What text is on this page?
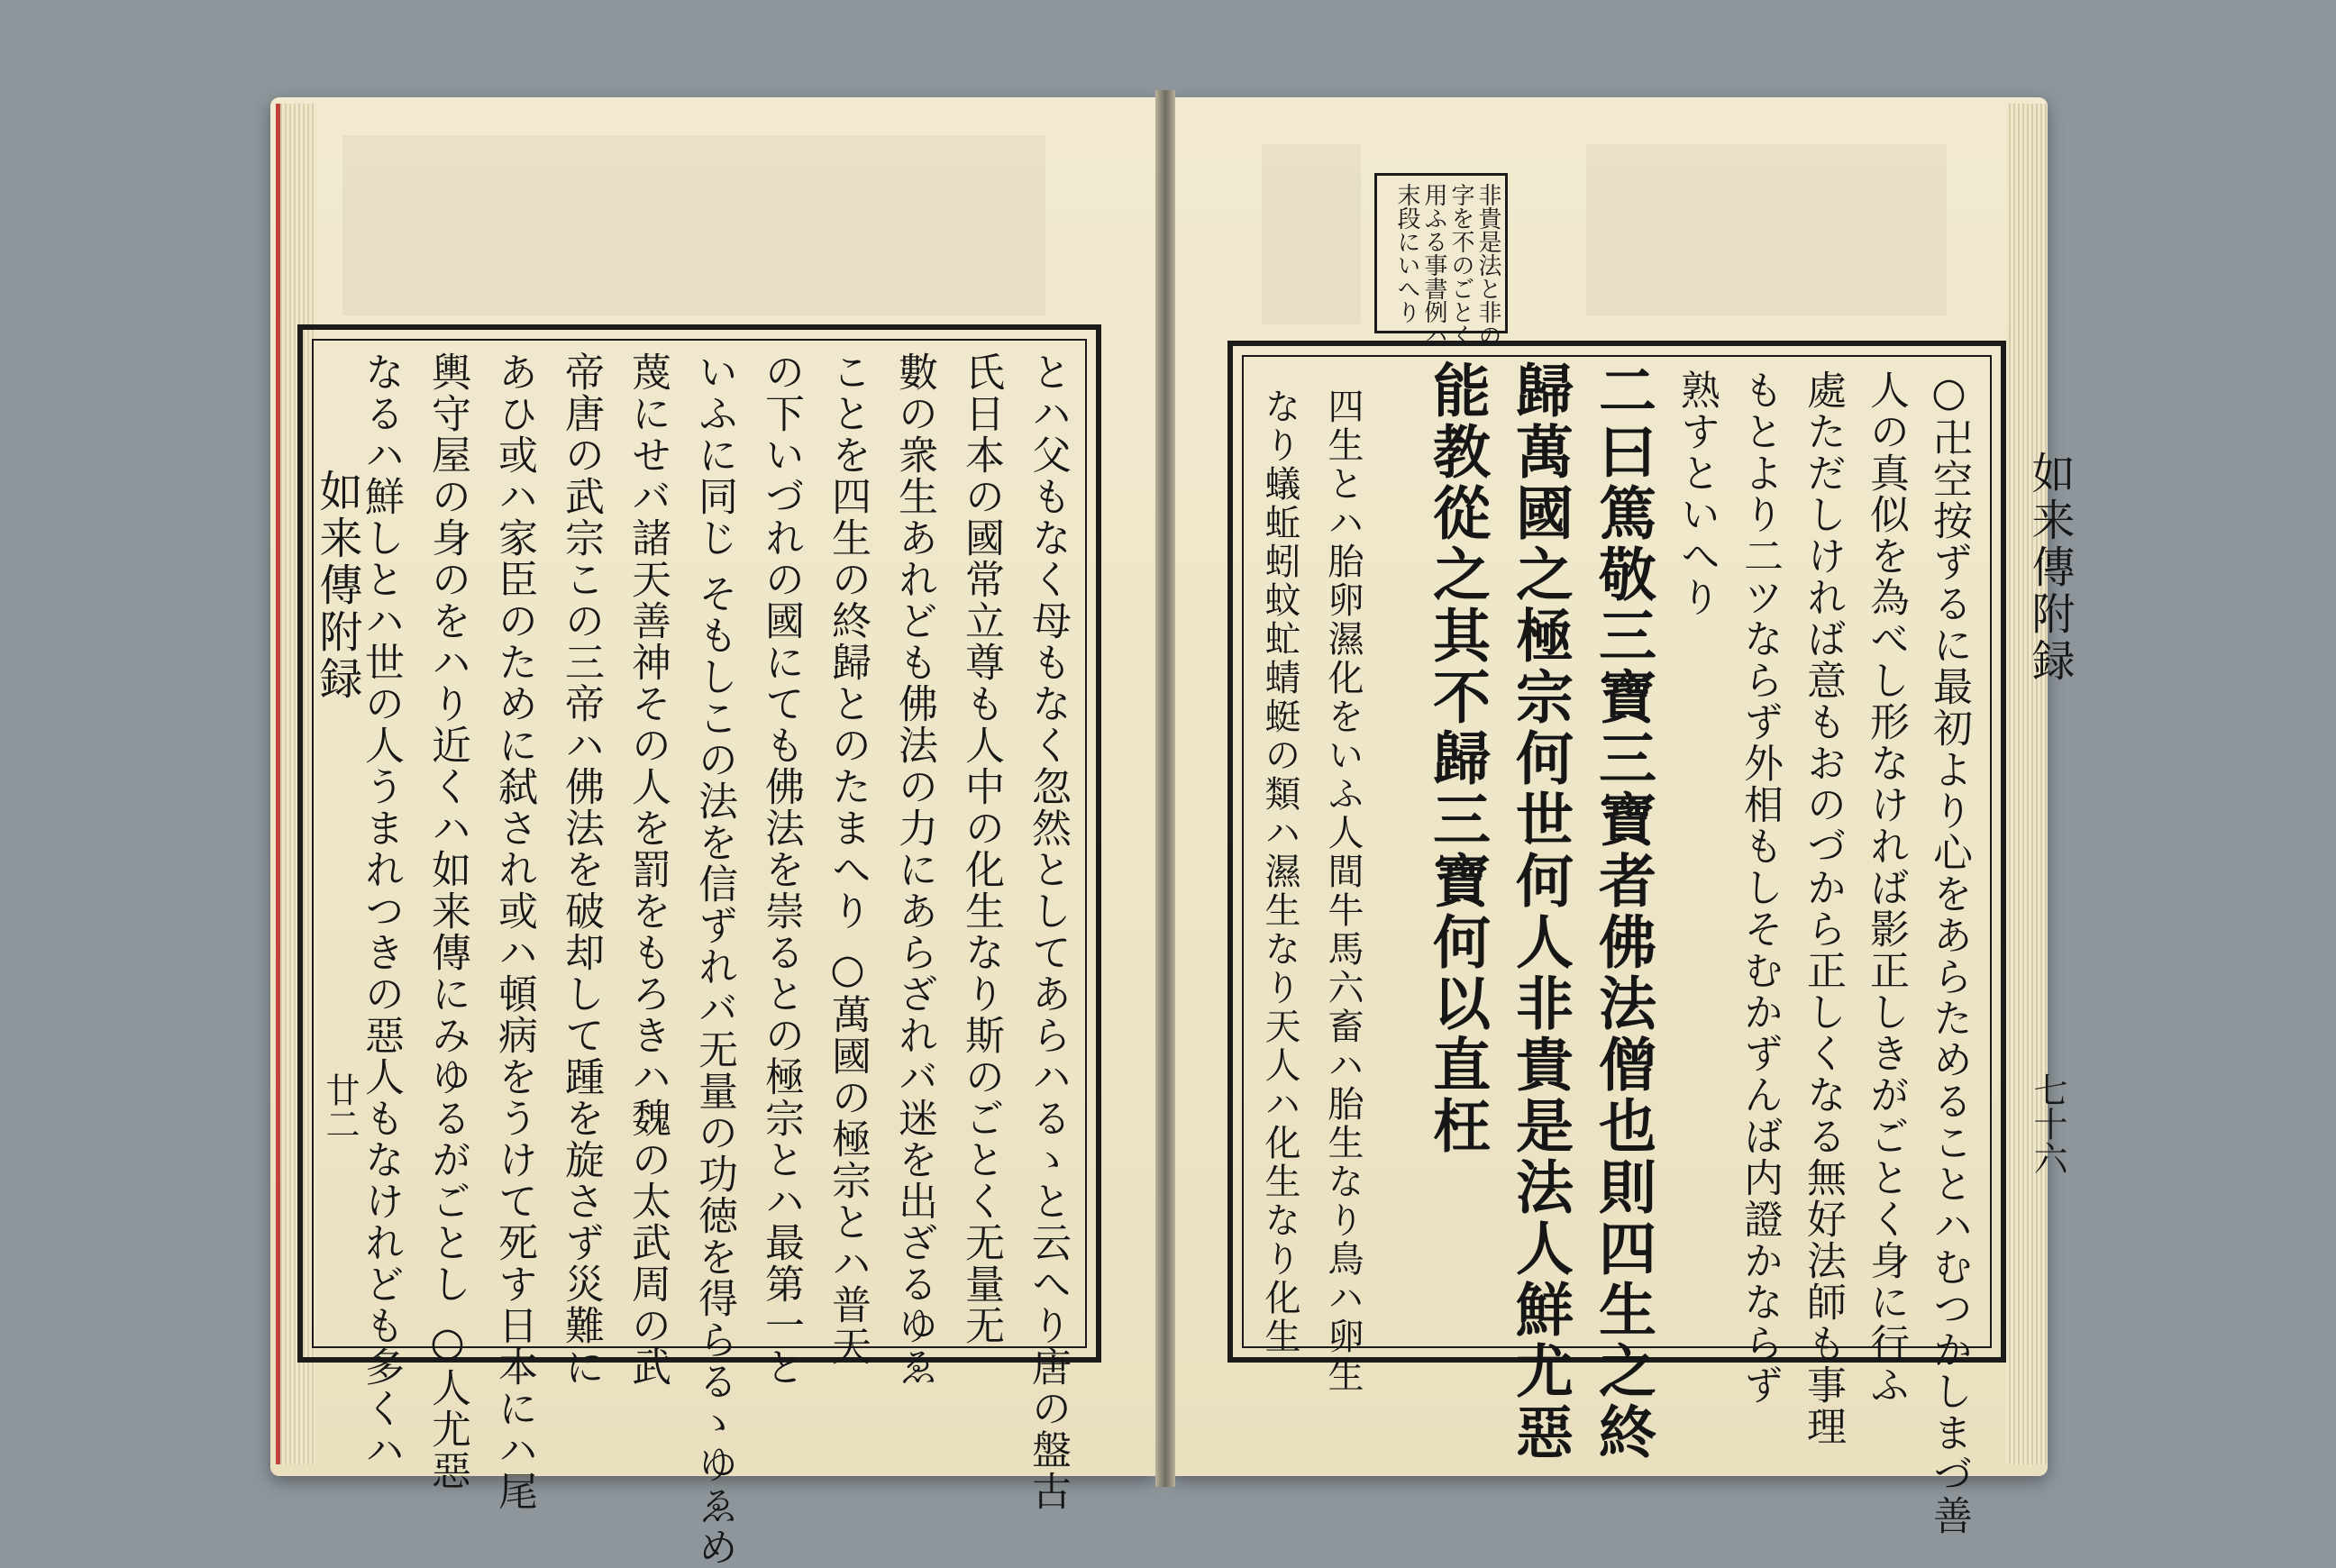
如来傳附録
廿二
如来傳附録
七十六
非貴是法と非の
字を不のごとく
用ふる事書例ハ
末段にいへり
とハ父もなく母もなく忽然としてあらハるゝと云へり唐の盤古
氏日本の國常立尊も人中の化生なり斯のごとく无量无
數の衆生あれども佛法の力にあらざれバ迷を出ざるゆゑ
ことを四生の終歸とのたまへり ○萬國の極宗とハ普天
の下いづれの國にても佛法を崇るとの極宗とハ最第一と
いふに同じ そもしこの法を信ずれバ无量の功徳を得らるゝゆゑめ
蔑にせバ諸天善神その人を罰をもろきハ魏の太武周の武
帝唐の武宗この三帝ハ佛法を破却して踵を旋さず災難に
あひ或ハ家臣のために弑され或ハ頓病をうけて死す日本にハ尾
輿守屋の身のをハり近くハ如来傳にみゆるがごとし ○人尤惡
なるハ鮮しとハ世の人うまれつきの惡人もなけれども多くハ	○卍空按ずるに最初より心をあらためることハむつかしまづ善
人の真似を為べし形なければ影正しきがごとく身に行ふ
處ただしければ意もおのづから正しくなる無好法師も事理
もとより二ツならず外相もしそむかずんば内證かならず
熟すといへり
二曰篤敬三寶三寶者佛法僧也則四生之終
歸萬國之極宗何世何人非貴是法人鮮尤惡
能教從之其不歸三寶何以直枉
四生とハ胎卵濕化をいふ人間牛馬六畜ハ胎生なり鳥ハ卵生
なり蟻蚯蚓蚊虻蜻蜓の類ハ濕生なり天人ハ化生なり化生
